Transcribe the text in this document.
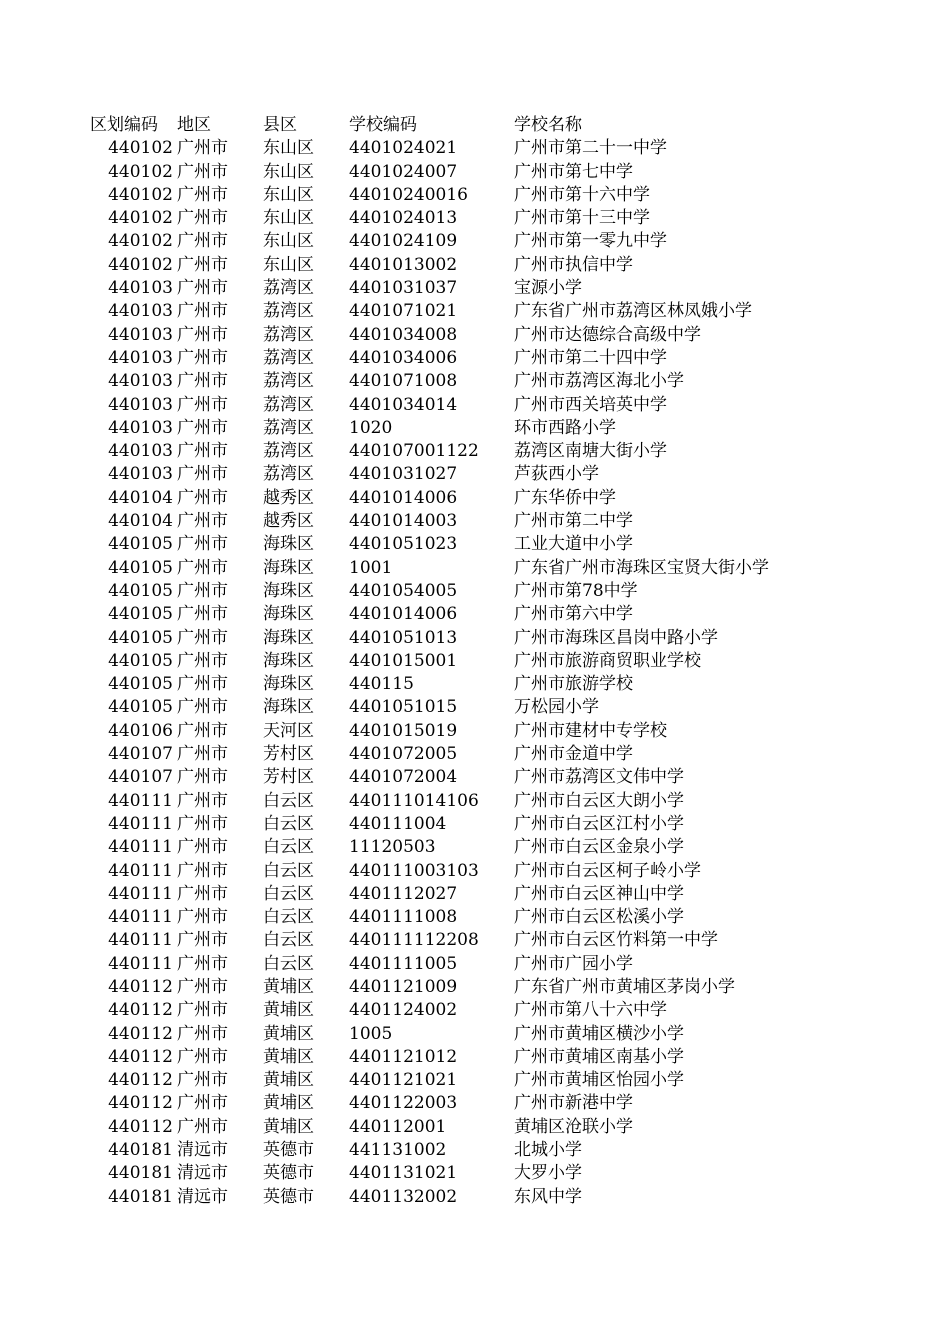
区划编码	地区	县区	学校编码	学校名称
440102 广州市	东山区	4401024021	广州市第二十一中学
440102 广州市	东山区	4401024007	广州市第七中学
440102 广州市	东山区	44010240016	广州市第十六中学
440102 广州市	东山区	4401024013	广州市第十三中学
440102 广州市	东山区	4401024109	广州市第一零九中学
440102 广州市	东山区	4401013002	广州市执信中学
440103 广州市	荔湾区	4401031037	宝源小学
440103 广州市	荔湾区	4401071021	广东省广州市荔湾区林凤娥小学
440103 广州市	荔湾区	4401034008	广州市达德综合高级中学
440103 广州市	荔湾区	4401034006	广州市第二十四中学
440103 广州市	荔湾区	4401071008	广州市荔湾区海北小学
440103 广州市	荔湾区	4401034014	广州市西关培英中学
440103 广州市	荔湾区	1020	环市西路小学
440103 广州市	荔湾区	440107001122	荔湾区南塘大街小学
440103 广州市	荔湾区	4401031027	芦荻西小学
440104 广州市	越秀区	4401014006	广东华侨中学
440104 广州市	越秀区	4401014003	广州市第二中学
440105 广州市	海珠区	4401051023	工业大道中小学
440105 广州市	海珠区	1001	广东省广州市海珠区宝贤大街小学
440105 广州市	海珠区	4401054005	广州市第78中学
440105 广州市	海珠区	4401014006	广州市第六中学
440105 广州市	海珠区	4401051013	广州市海珠区昌岗中路小学
440105 广州市	海珠区	4401015001	广州市旅游商贸职业学校
440105 广州市	海珠区	440115	广州市旅游学校
440105 广州市	海珠区	4401051015	万松园小学
440106 广州市	天河区	4401015019	广州市建材中专学校
440107 广州市	芳村区	4401072005	广州市金道中学
440107 广州市	芳村区	4401072004	广州市荔湾区文伟中学
440111 广州市	白云区	440111014106	广州市白云区大朗小学
440111 广州市	白云区	440111004	广州市白云区江村小学
440111 广州市	白云区	11120503	广州市白云区金泉小学
440111 广州市	白云区	440111003103	广州市白云区柯子岭小学
440111 广州市	白云区	4401112027	广州市白云区神山中学
440111 广州市	白云区	4401111008	广州市白云区松溪小学
440111 广州市	白云区	440111112208	广州市白云区竹料第一中学
440111 广州市	白云区	4401111005	广州市广园小学
440112 广州市	黄埔区	4401121009	广东省广州市黄埔区茅岗小学
440112 广州市	黄埔区	4401124002	广州市第八十六中学
440112 广州市	黄埔区	1005	广州市黄埔区横沙小学
440112 广州市	黄埔区	4401121012	广州市黄埔区南基小学
440112 广州市	黄埔区	4401121021	广州市黄埔区怡园小学
440112 广州市	黄埔区	4401122003	广州市新港中学
440112 广州市	黄埔区	440112001	黄埔区沧联小学
440181 清远市	英德市	441131002	北城小学
440181 清远市	英德市	4401131021	大罗小学
440181 清远市	英德市	4401132002	东风中学
